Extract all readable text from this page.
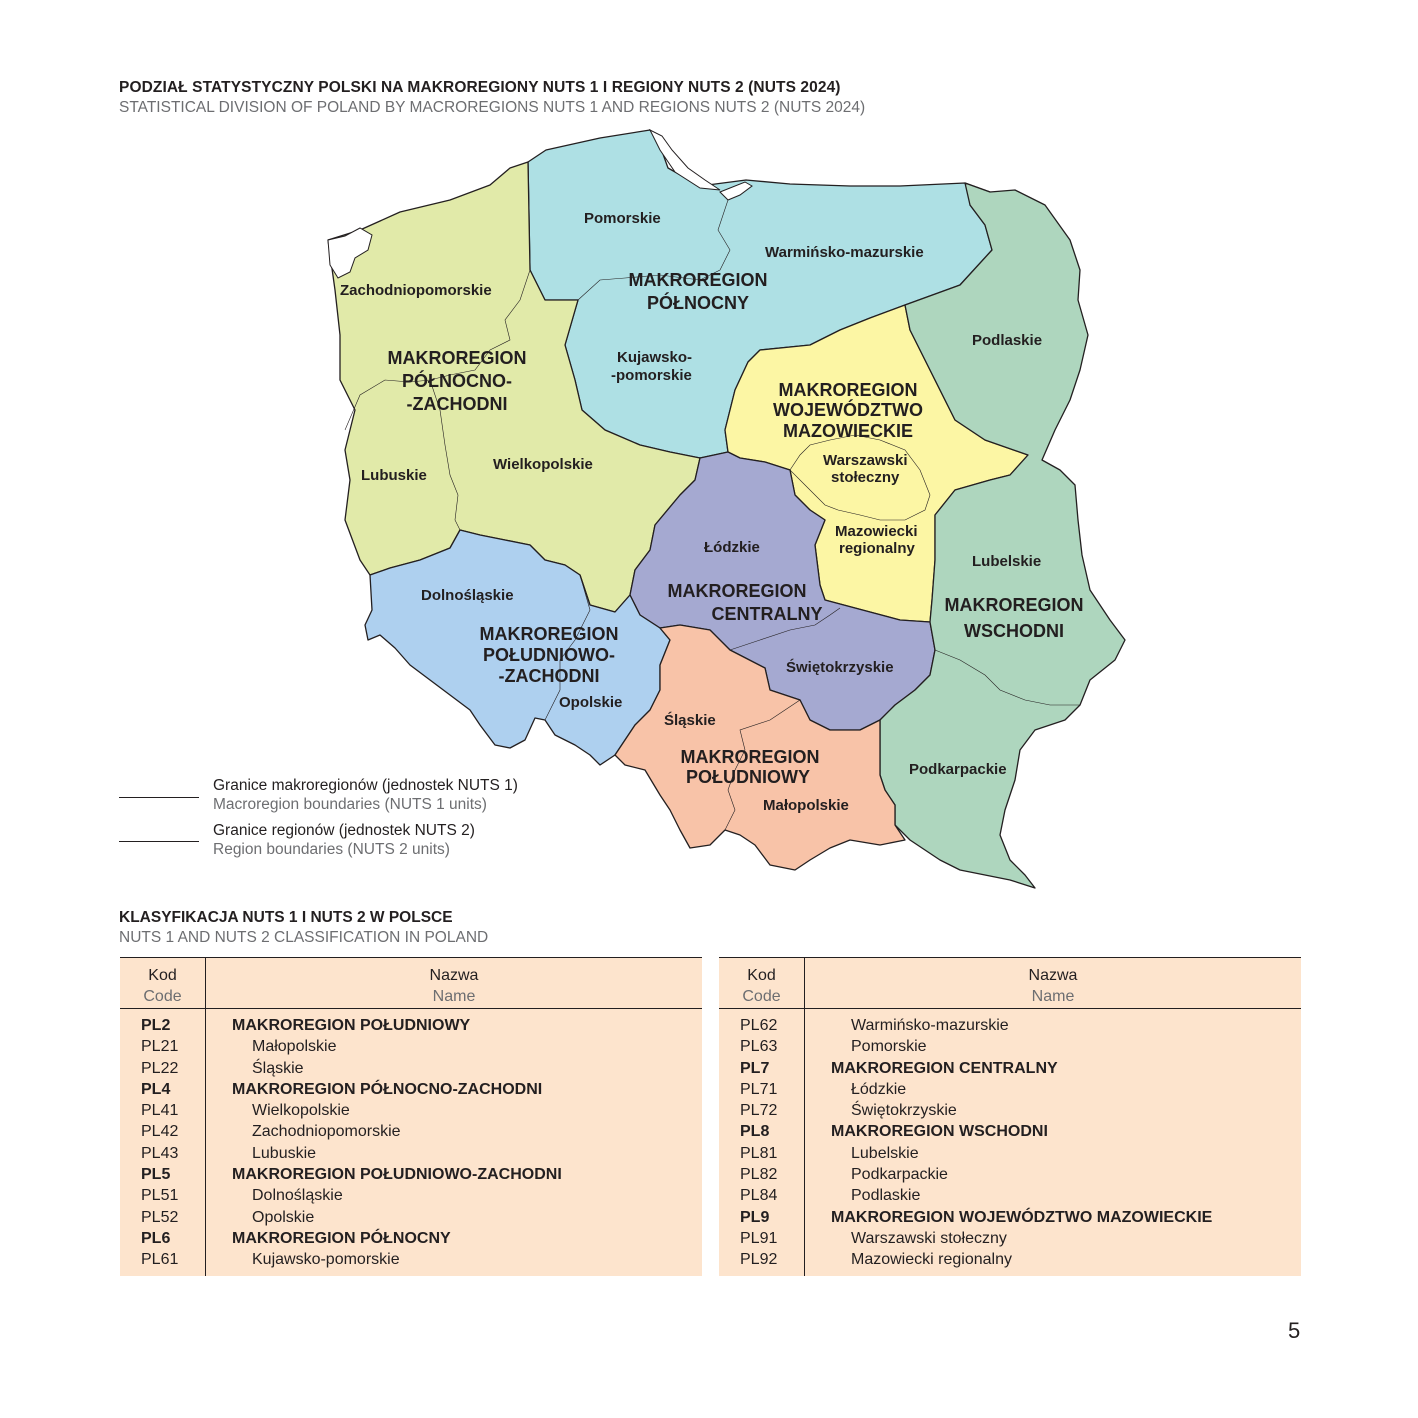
PODZIAŁ STATYSTYCZNY POLSKI NA MAKROREGIONY NUTS 1 I REGIONY NUTS 2 (NUTS 2024)
STATISTICAL DIVISION OF POLAND BY MACROREGIONS NUTS 1 AND REGIONS NUTS 2 (NUTS 2024)
Pomorskie
Warmińsko-mazurskie
Zachodniopomorskie
Podlaskie
Kujawsko-
-pomorskie
Lubuskie
Wielkopolskie	Warszawski
stołeczny
Mazowiecki
regionalny
Łódzkie
Lubelskie
Dolnośląskie
Opolskie
Świętokrzyskie
Śląskie
Podkarpackie
Małopolskie
MAKROREGION
PÓŁNOCNY
MAKROREGION
PÓŁNOCNO-
-ZACHODNI
MAKROREGION
WOJEWÓDZTWO
MAZOWIECKIE
MAKROREGION
CENTRALNY	MAKROREGION
WSCHODNI
MAKROREGION
POŁUDNIOWO-
-ZACHODNI
MAKROREGION
POŁUDNIOWY
Granice makroregionów (jednostek NUTS 1)
Macroregion boundaries (NUTS 1 units)
Granice regionów (jednostek NUTS 2)
Region boundaries (NUTS 2 units)
KLASYFIKACJA NUTS 1 I NUTS 2 W POLSCE
NUTS 1 AND NUTS 2 CLASSIFICATION IN POLAND
Kod
Code
Nazwa
Name
PL2	MAKROREGION POŁUDNIOWY
PL21	Małopolskie
PL22	Śląskie
PL4	MAKROREGION PÓŁNOCNO-ZACHODNI
PL41	Wielkopolskie
PL42	Zachodniopomorskie
PL43	Lubuskie
PL5	MAKROREGION POŁUDNIOWO-ZACHODNI
PL51	Dolnośląskie
PL52	Opolskie
PL6	MAKROREGION PÓŁNOCNY
PL61	Kujawsko-pomorskie
Kod
Code
Nazwa
Name
PL62	Warmińsko-mazurskie
PL63	Pomorskie
PL7	MAKROREGION CENTRALNY
PL71	Łódzkie
PL72	Świętokrzyskie
PL8	MAKROREGION WSCHODNI
PL81	Lubelskie
PL82	Podkarpackie
PL84	Podlaskie
PL9	MAKROREGION WOJEWÓDZTWO MAZOWIECKIE
PL91	Warszawski stołeczny
PL92	Mazowiecki regionalny
5
